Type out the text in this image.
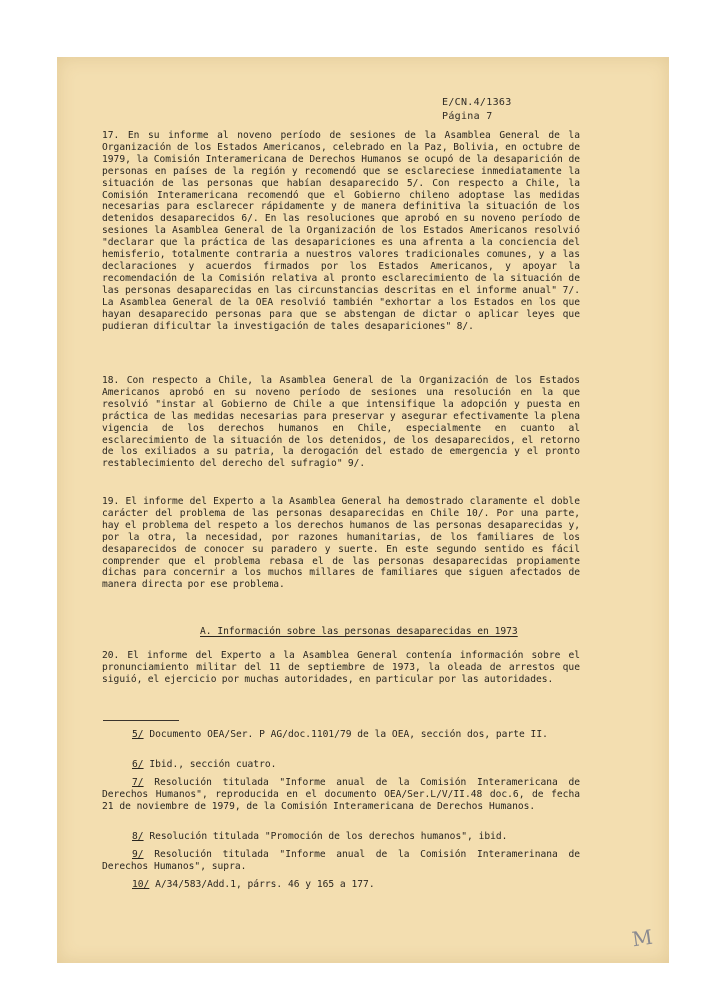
E/CN.4/1363
Página 7

17. En su informe al noveno período de sesiones de la Asamblea General de la Organización de los Estados Americanos, celebrado en la Paz, Bolivia, en octubre de 1979, la Comisión Interamericana de Derechos Humanos se ocupó de la desaparición de personas en países de la región y recomendó que se esclareciese inmediatamente la situación de las personas que habían desaparecido 5/. Con respecto a Chile, la Comisión Interamericana recomendó que el Gobierno chileno adoptase las medidas necesarias para esclarecer rápidamente y de manera definitiva la situación de los detenidos desaparecidos 6/. En las resoluciones que aprobó en su noveno período de sesiones la Asamblea General de la Organización de los Estados Americanos resolvió "declarar que la práctica de las desapariciones es una afrenta a la conciencia del hemisferio, totalmente contraria a nuestros valores tradicionales comunes, y a las declaraciones y acuerdos firmados por los Estados Americanos, y apoyar la recomendación de la Comisión relativa al pronto esclarecimiento de la situación de las personas desaparecidas en las circunstancias descritas en el informe anual" 7/. La Asamblea General de la OEA resolvió también "exhortar a los Estados en los que hayan desaparecido personas para que se abstengan de dictar o aplicar leyes que pudieran dificultar la investigación de tales desapariciones" 8/.

18. Con respecto a Chile, la Asamblea General de la Organización de los Estados Americanos aprobó en su noveno período de sesiones una resolución en la que resolvió "instar al Gobierno de Chile a que intensifique la adopción y puesta en práctica de las medidas necesarias para preservar y asegurar efectivamente la plena vigencia de los derechos humanos en Chile, especialmente en cuanto al esclarecimiento de la situación de los detenidos, de los desaparecidos, el retorno de los exiliados a su patria, la derogación del estado de emergencia y el pronto restablecimiento del derecho del sufragio" 9/.

19. El informe del Experto a la Asamblea General ha demostrado claramente el doble carácter del problema de las personas desaparecidas en Chile 10/. Por una parte, hay el problema del respeto a los derechos humanos de las personas desaparecidas y, por la otra, la necesidad, por razones humanitarias, de los familiares de los desaparecidos de conocer su paradero y suerte. En este segundo sentido es fácil comprender que el problema rebasa el de las personas desaparecidas propiamente dichas para concernir a los muchos millares de familiares que siguen afectados de manera directa por ese problema.

A. Información sobre las personas desaparecidas en 1973

20. El informe del Experto a la Asamblea General contenía información sobre el pronunciamiento militar del 11 de septiembre de 1973, la oleada de arrestos que siguió, el ejercicio por muchas autoridades, en particular por las autoridades.

5/ Documento OEA/Ser. P AG/doc.1101/79 de la OEA, sección dos, parte II.

6/ Ibid., sección cuatro.

7/ Resolución titulada "Informe anual de la Comisión Interamericana de Derechos Humanos", reproducida en el documento OEA/Ser.L/V/II.48 doc.6, de fecha 21 de noviembre de 1979, de la Comisión Interamericana de Derechos Humanos.

8/ Resolución titulada "Promoción de los derechos humanos", ibid.

9/ Resolución titulada "Informe anual de la Comisión Interamerinana de Derechos Humanos", supra.

10/ A/34/583/Add.1, párrs. 46 y 165 a 177.

M
